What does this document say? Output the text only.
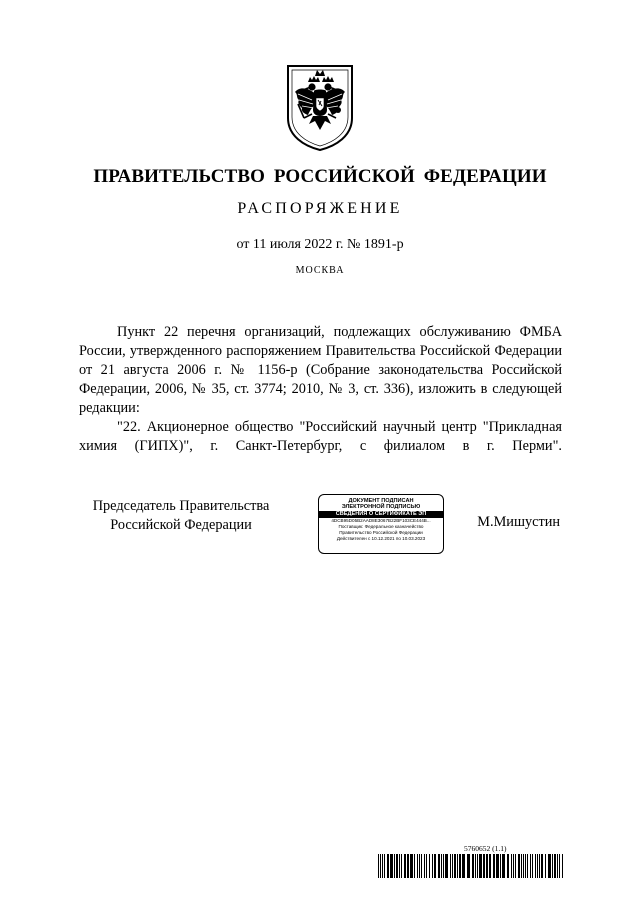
ПРАВИТЕЛЬСТВО РОССИЙСКОЙ ФЕДЕРАЦИИ
РАСПОРЯЖЕНИЕ
от 11 июля 2022 г. № 1891-р
МОСКВА

Пункт 22 перечня организаций, подлежащих обслуживанию ФМБА России, утвержденного распоряжением Правительства Российской Федерации от 21 августа 2006 г. № 1156-р (Собрание законодательства Российской Федерации, 2006, № 35, ст. 3774; 2010, № 3, ст. 336), изложить в следующей редакции:

"22. Акционерное общество "Российский научный центр "Прикладная химия (ГИПХ)", г. Санкт-Петербург, с филиалом в г. Перми".

Председатель Правительства
Российской Федерации
ДОКУМЕНТ ПОДПИСАН
ЭЛЕКТРОННОЙ ПОДПИСЬЮ
СВЕДЕНИЯ О СЕРТИФИКАТЕ ЭП
4DCB95D05B2AAD8E3067B22BF103CE444B...
Поставщик: Федеральное казначейство
Правительство Российской Федерации
Действителен с 10.12.2021 по 10.03.2023
М.Мишустин
5760652 (1.1)
